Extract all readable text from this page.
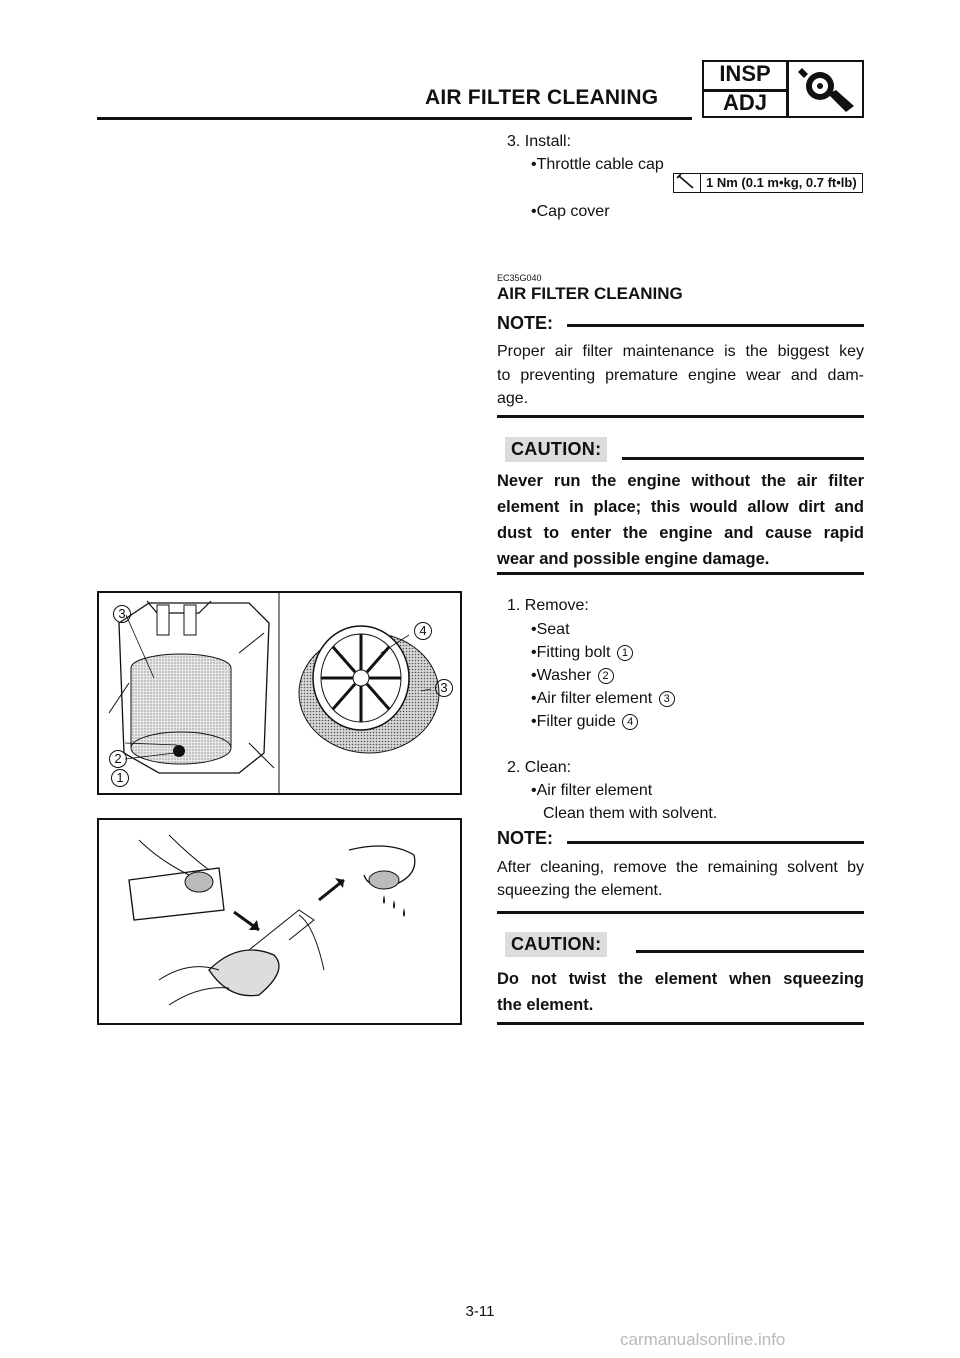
AIR FILTER CLEANING
INSP
ADJ
3. Install:
• Throttle cable cap
1 Nm (0.1 m•kg, 0.7 ft•lb)
• Cap cover
EC35G040
AIR FILTER CLEANING
NOTE:
Proper air filter maintenance is the biggest key
to preventing premature engine wear and dam-
age.
CAUTION:
Never run the engine without the air filter
element in place; this would allow dirt and
dust to enter the engine and cause rapid
wear and possible engine damage.
1. Remove:
• Seat
• Fitting bolt 1
• Washer 2
• Air filter element 3
• Filter guide 4
2. Clean:
• Air filter element
Clean them with solvent.
NOTE:
After cleaning, remove the remaining solvent by
squeezing the element.
CAUTION:
Do not twist the element when squeezing
the element.
3
2
1
4
3
3-11
carmanualsonline.info
